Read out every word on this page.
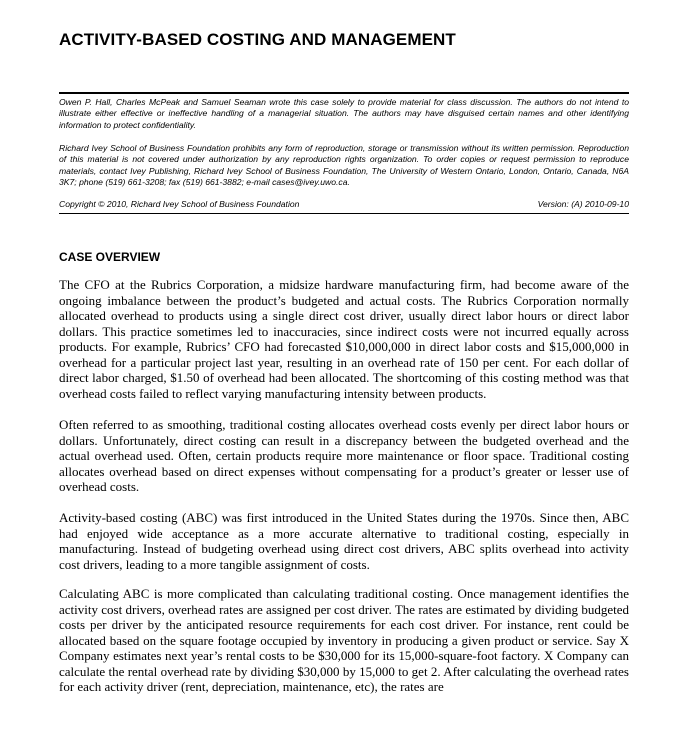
ACTIVITY-BASED COSTING AND MANAGEMENT

Owen P. Hall, Charles McPeak and Samuel Seaman wrote this case solely to provide material for class discussion. The authors do not intend to illustrate either effective or ineffective handling of a managerial situation. The authors may have disguised certain names and other identifying information to protect confidentiality.

Richard Ivey School of Business Foundation prohibits any form of reproduction, storage or transmission without its written permission. Reproduction of this material is not covered under authorization by any reproduction rights organization. To order copies or request permission to reproduce materials, contact Ivey Publishing, Richard Ivey School of Business Foundation, The University of Western Ontario, London, Ontario, Canada, N6A 3K7; phone (519) 661-3208; fax (519) 661-3882; e-mail cases@ivey.uwo.ca.

Copyright © 2010, Richard Ivey School of Business Foundation	Version: (A) 2010-09-10
CASE OVERVIEW

The CFO at the Rubrics Corporation, a midsize hardware manufacturing firm, had become aware of the ongoing imbalance between the product’s budgeted and actual costs. The Rubrics Corporation normally allocated overhead to products using a single direct cost driver, usually direct labor hours or direct labor dollars. This practice sometimes led to inaccuracies, since indirect costs were not incurred equally across products. For example, Rubrics’ CFO had forecasted $10,000,000 in direct labor costs and $15,000,000 in overhead for a particular project last year, resulting in an overhead rate of 150 per cent. For each dollar of direct labor charged, $1.50 of overhead had been allocated. The shortcoming of this costing method was that overhead costs failed to reflect varying manufacturing intensity between products.

Often referred to as smoothing, traditional costing allocates overhead costs evenly per direct labor hours or dollars. Unfortunately, direct costing can result in a discrepancy between the budgeted overhead and the actual overhead used. Often, certain products require more maintenance or floor space. Traditional costing allocates overhead based on direct expenses without compensating for a product’s greater or lesser use of overhead costs.

Activity-based costing (ABC) was first introduced in the United States during the 1970s. Since then, ABC had enjoyed wide acceptance as a more accurate alternative to traditional costing, especially in manufacturing. Instead of budgeting overhead using direct cost drivers, ABC splits overhead into activity cost drivers, leading to a more tangible assignment of costs.

Calculating ABC is more complicated than calculating traditional costing. Once management identifies the activity cost drivers, overhead rates are assigned per cost driver. The rates are estimated by dividing budgeted costs per driver by the anticipated resource requirements for each cost driver. For instance, rent could be allocated based on the square footage occupied by inventory in producing a given product or service. Say X Company estimates next year’s rental costs to be $30,000 for its 15,000-square-foot factory. X Company can calculate the rental overhead rate by dividing $30,000 by 15,000 to get 2. After calculating the overhead rates for each activity driver (rent, depreciation, maintenance, etc), the rates are
